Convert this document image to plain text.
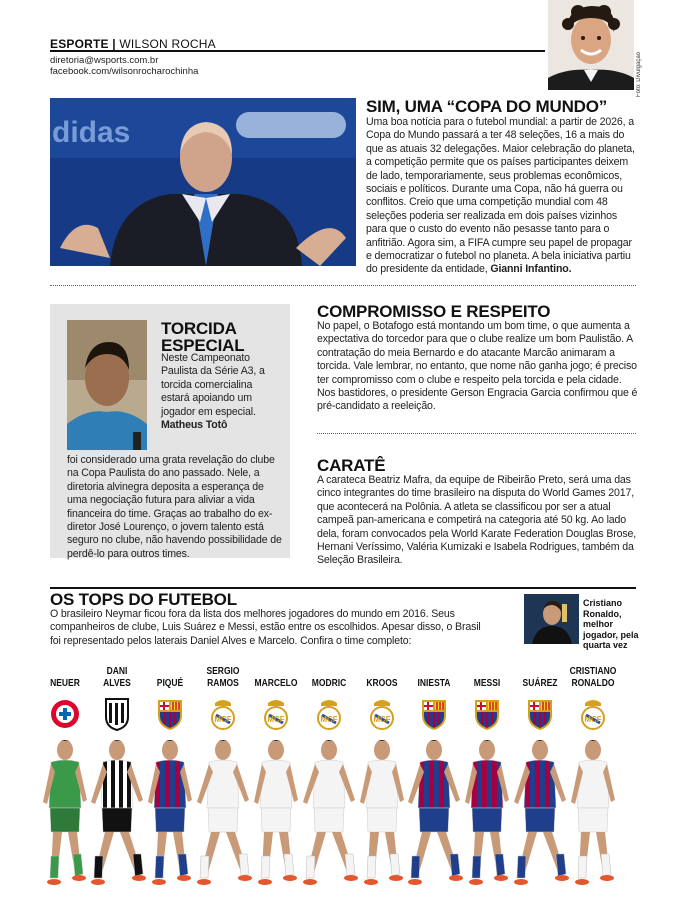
ESPORTE | WILSON ROCHA
diretoria@wsports.com.br
facebook.com/wilsonrocharochinha	Foto: Divulgação
didas
SIM, UMA “COPA DO MUNDO”
Uma boa notícia para o futebol mundial: a partir de 2026, a Copa do Mundo passará a ter 48 seleções, 16 a mais do que as atuais 32 delegações. Maior celebração do planeta, a competição permite que os países participantes deixem de lado, temporariamente, seus problemas econômicos, sociais e políticos. Durante uma Copa, não há guerra ou conflitos. Creio que uma competição mundial com 48 seleções poderia ser realizada em dois países vizinhos para que o custo do evento não pesasse tanto para o anfitrião. Agora sim, a FIFA cumpre seu papel de propagar e democratizar o futebol no planeta. A bela iniciativa partiu do presidente da entidade, Gianni Infantino.
TORCIDA
ESPECIAL
Neste Campeonato Paulista da Série A3, a torcida comercialina estará apoiando um jogador em especial. Matheus Totô
foi considerado uma grata revelação do clube na Copa Paulista do ano passado. Nele, a diretoria alvinegra deposita a esperança de uma negociação futura para aliviar a vida financeira do time. Graças ao trabalho do ex-diretor José Lourenço, o jovem talento está seguro no clube, não havendo possibilidade de perdê-lo para outros times.
COMPROMISSO E RESPEITO
No papel, o Botafogo está montando um bom time, o que aumenta a expectativa do torcedor para que o clube realize um bom Paulistão. A contratação do meia Bernardo e do atacante Marcão animaram a torcida. Vale lembrar, no entanto, que nome não ganha jogo; é preciso ter compromisso com o clube e respeito pela torcida e pela cidade. Nos bastidores, o presidente Gerson Engracia Garcia confirmou que é pré-candidato a reeleição.
CARATÊ
A carateca Beatriz Mafra, da equipe de Ribeirão Preto, será uma das cinco integrantes do time brasileiro na disputa do World Games 2017, que acontecerá na Polônia. A atleta se classificou por ser a atual campeã pan-americana e competirá na categoria até 50 kg. Ao lado dela, foram convocados pela World Karate Federation Douglas Brose, Hernani Veríssimo, Valéria Kumizaki e Isabela Rodrigues, também da Seleção Brasileira.
OS TOPS DO FUTEBOL
O brasileiro Neymar ficou fora da lista dos melhores jogadores do mundo em 2016. Seus companheiros de clube, Luis Suárez e Messi, estão entre os escolhidos. Apesar disso, o Brasil foi representado pelos laterais Daniel Alves e Marcelo. Confira o time completo:
Cristiano Ronaldo,
melhor jogador, pela quarta vez
NEUER
DANI
ALVES	PIQUÉ
SERGIO
RAMOS	MARCELO	MODRIC	KROOS	INIESTA	MESSI	SUÁREZ
CRISTIANO
RONALDO
MCF	MCF	MCF	MCF	MCF
